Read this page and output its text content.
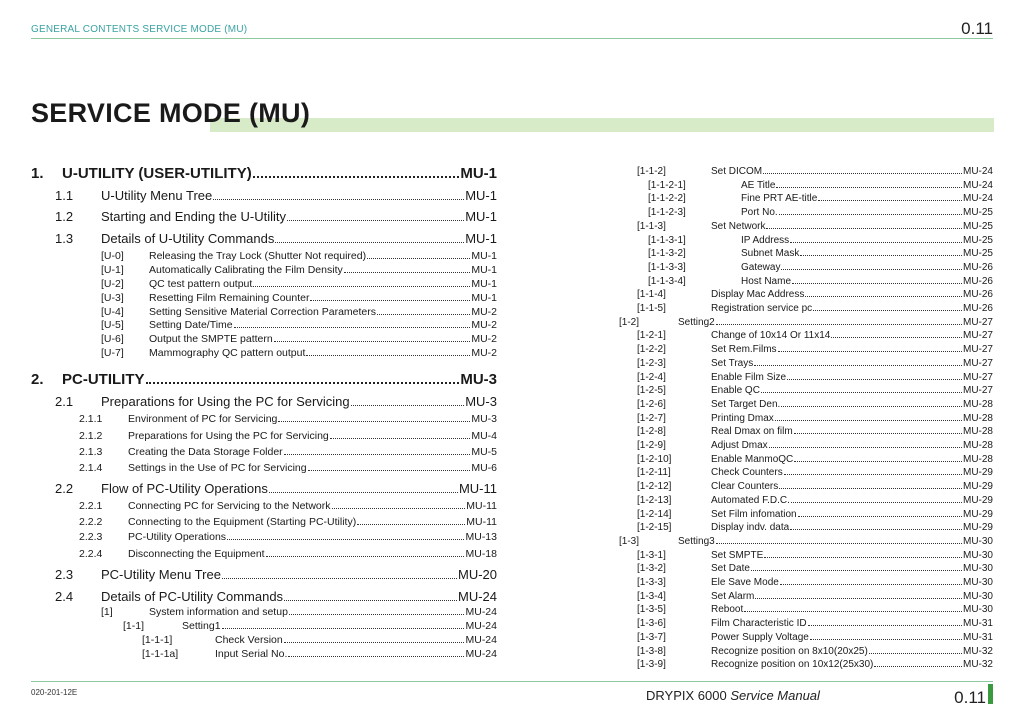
GENERAL CONTENTS SERVICE MODE (MU)	0.11
SERVICE MODE (MU)
1.	U-UTILITY (USER-UTILITY)	MU-1
1.1	U-Utility Menu Tree	MU-1
1.2	Starting and Ending the U-Utility	MU-1
1.3	Details of U-Utility Commands	MU-1
[U-0]	Releasing the Tray Lock (Shutter Not required)	MU-1
[U-1]	Automatically Calibrating the Film Density	MU-1
[U-2]	QC test pattern output	MU-1
[U-3]	Resetting Film Remaining Counter	MU-1
[U-4]	Setting Sensitive Material Correction Parameters	MU-2
[U-5]	Setting Date/Time	MU-2
[U-6]	Output the SMPTE pattern	MU-2
[U-7]	Mammography QC pattern output	MU-2
2.	PC-UTILITY	MU-3
2.1	Preparations for Using the PC for Servicing	MU-3
2.1.1	Environment of PC for Servicing	MU-3
2.1.2	Preparations for Using the PC for Servicing	MU-4
2.1.3	Creating the Data Storage Folder	MU-5
2.1.4	Settings in the Use of PC for Servicing	MU-6
2.2	Flow of PC-Utility Operations	MU-11
2.2.1	Connecting PC for Servicing to the Network	MU-11
2.2.2	Connecting to the Equipment (Starting PC-Utility)	MU-11
2.2.3	PC-Utility Operations	MU-13
2.2.4	Disconnecting the Equipment	MU-18
2.3	PC-Utility Menu Tree	MU-20
2.4	Details of PC-Utility Commands	MU-24
[1]	System information and setup	MU-24
[1-1]	Setting1	MU-24
[1-1-1]	Check Version	MU-24
[1-1-1a]	Input Serial No.	MU-24
[1-1-2]	Set DICOM	MU-24
[1-1-2-1]	AE Title	MU-24
[1-1-2-2]	Fine PRT AE-title	MU-24
[1-1-2-3]	Port No.	MU-25
[1-1-3]	Set Network	MU-25
[1-1-3-1]	IP Address	MU-25
[1-1-3-2]	Subnet Mask	MU-25
[1-1-3-3]	Gateway	MU-26
[1-1-3-4]	Host Name	MU-26
[1-1-4]	Display Mac Address	MU-26
[1-1-5]	Registration service pc	MU-26
[1-2]	Setting2	MU-27
[1-2-1]	Change of 10x14 Or 11x14	MU-27
[1-2-2]	Set Rem.Films	MU-27
[1-2-3]	Set Trays	MU-27
[1-2-4]	Enable Film Size	MU-27
[1-2-5]	Enable QC	MU-27
[1-2-6]	Set Target Den.	MU-28
[1-2-7]	Printing Dmax	MU-28
[1-2-8]	Real Dmax on film	MU-28
[1-2-9]	Adjust Dmax	MU-28
[1-2-10]	Enable ManmoQC	MU-28
[1-2-11]	Check Counters	MU-29
[1-2-12]	Clear Counters	MU-29
[1-2-13]	Automated F.D.C.	MU-29
[1-2-14]	Set Film infomation	MU-29
[1-2-15]	Display indv. data	MU-29
[1-3]	Setting3	MU-30
[1-3-1]	Set SMPTE	MU-30
[1-3-2]	Set Date	MU-30
[1-3-3]	Ele Save Mode	MU-30
[1-3-4]	Set Alarm	MU-30
[1-3-5]	Reboot	MU-30
[1-3-6]	Film Characteristic ID	MU-31
[1-3-7]	Power Supply Voltage	MU-31
[1-3-8]	Recognize position on 8x10(20x25)	MU-32
[1-3-9]	Recognize position on 10x12(25x30)	MU-32
020-201-12E	DRYPIX 6000 Service Manual	0.11
